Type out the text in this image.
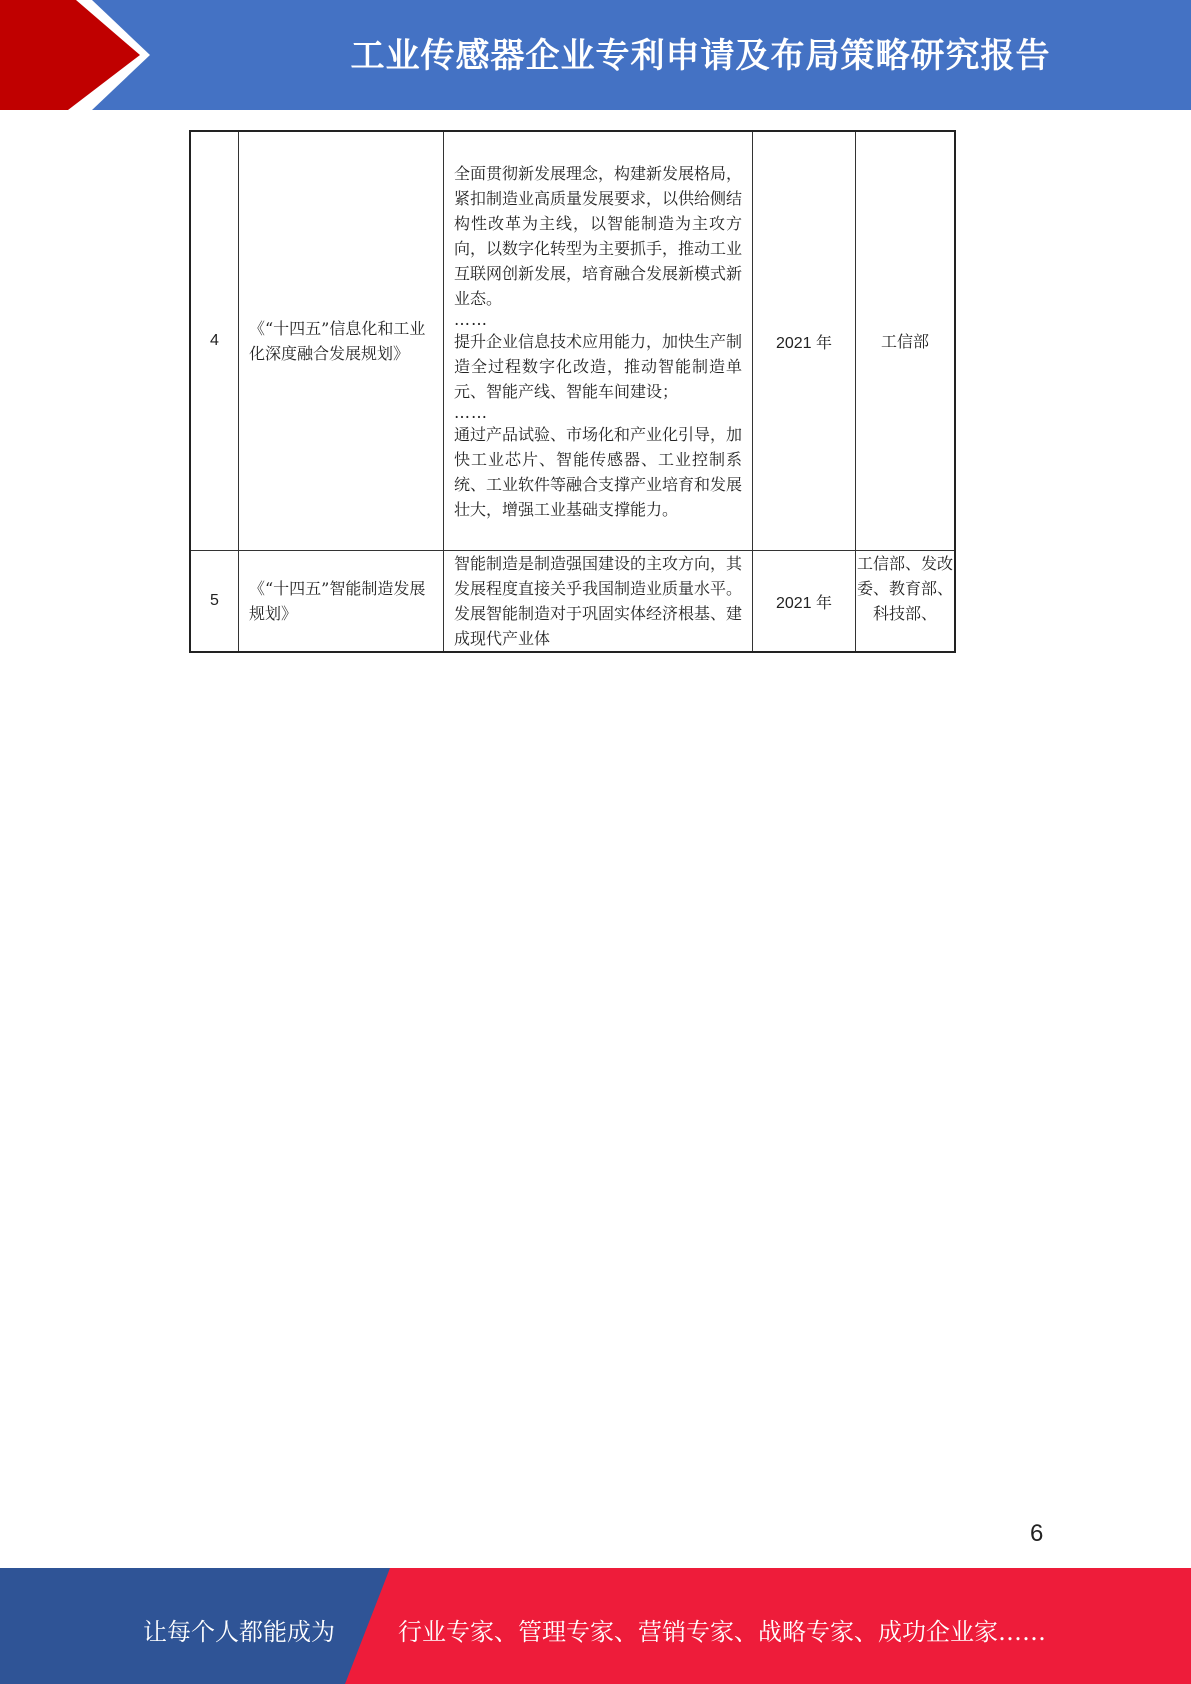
工业传感器企业专利申请及布局策略研究报告
4	《“十四五”信息化和工业化深度融合发展规划》	全面贯彻新发展理念，构建新发展格局，紧扣制造业高质量发展要求，以供给侧结构性改革为主线，以智能制造为主攻方向，以数字化转型为主要抓手，推动工业互联网创新发展，培育融合发展新模式新业态。
……
提升企业信息技术应用能力，加快生产制造全过程数字化改造，推动智能制造单元、智能产线、智能车间建设；
……
通过产品试验、市场化和产业化引导，加快工业芯片、智能传感器、工业控制系统、工业软件等融合支撑产业培育和发展壮大，增强工业基础支撑能力。	2021 年	工信部
5	《“十四五”智能制造发展规划》	智能制造是制造强国建设的主攻方向，其发展程度直接关乎我国制造业质量水平。发展智能制造对于巩固实体经济根基、建成现代产业体	2021 年	工信部、发改委、教育部、科技部、
6
让每个人都能成为	行业专家、管理专家、营销专家、战略专家、成功企业家……
